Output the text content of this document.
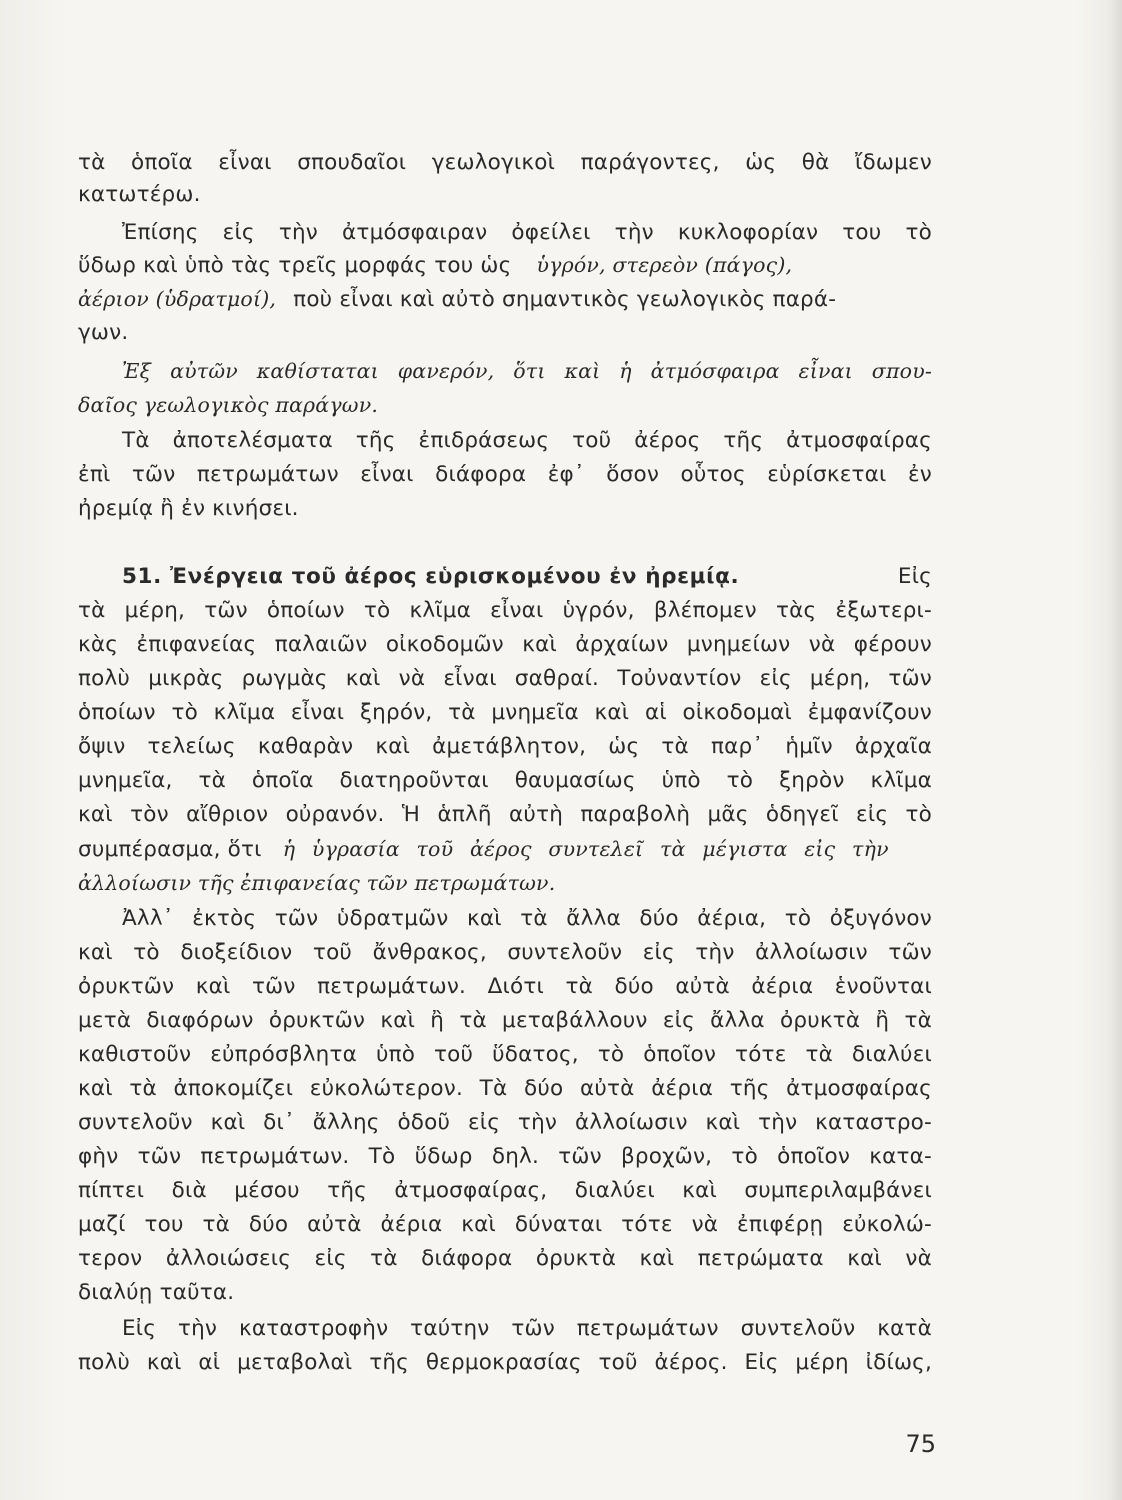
τὰ ὁποῖα εἶναι σπουδαῖοι γεωλογικοὶ παράγοντες, ὡς θὰ ἴδωμεν
κατωτέρω.
Ἐπίσης εἰς τὴν ἀτμόσφαιραν ὀφείλει τὴν κυκλοφορίαν του τὸ
ὕδωρ καὶ ὑπὸ τὰς τρεῖς μορφάς του ὡς ὑγρόν, στερεὸν (πάγος),
ἀέριον (ὑδρατμοί), ποὺ εἶναι καὶ αὐτὸ σημαντικὸς γεωλογικὸς παρά-
γων.
Ἐξ αὐτῶν καθίσταται φανερόν, ὅτι καὶ ἡ ἀτμόσφαιρα εἶναι σπου-
δαῖος γεωλογικὸς παράγων.
Τὰ ἀποτελέσματα τῆς ἐπιδράσεως τοῦ ἀέρος τῆς ἀτμοσφαίρας
ἐπὶ τῶν πετρωμάτων εἶναι διάφορα ἐφ᾽ ὅσον οὗτος εὑρίσκεται ἐν
ἠρεμίᾳ ἢ ἐν κινήσει.
51. Ἐνέργεια τοῦ ἀέρος εὑρισκομένου ἐν ἠρεμίᾳ.	Εἰς
τὰ μέρη, τῶν ὁποίων τὸ κλῖμα εἶναι ὑγρόν, βλέπομεν τὰς ἐξωτερι-
κὰς ἐπιφανείας παλαιῶν οἰκοδομῶν καὶ ἀρχαίων μνημείων νὰ φέρουν
πολὺ μικρὰς ρωγμὰς καὶ νὰ εἶναι σαθραί. Τοὐναντίον εἰς μέρη, τῶν
ὁποίων τὸ κλῖμα εἶναι ξηρόν, τὰ μνημεῖα καὶ αἱ οἰκοδομαὶ ἐμφανίζουν
ὄψιν τελείως καθαρὰν καὶ ἀμετάβλητον, ὡς τὰ παρ᾽ ἡμῖν ἀρχαῖα
μνημεῖα, τὰ ὁποῖα διατηροῦνται θαυμασίως ὑπὸ τὸ ξηρὸν κλῖμα
καὶ τὸν αἴθριον οὐρανόν. Ἡ ἁπλῆ αὐτὴ παραβολὴ μᾶς ὁδηγεῖ εἰς τὸ
συμπέρασμα, ὅτι ἡ ὑγρασία τοῦ ἀέρος συντελεῖ τὰ μέγιστα εἰς τὴν
ἀλλοίωσιν τῆς ἐπιφανείας τῶν πετρωμάτων.
Ἀλλ᾽ ἐκτὸς τῶν ὑδρατμῶν καὶ τὰ ἄλλα δύο ἀέρια, τὸ ὀξυγόνον
καὶ τὸ διοξείδιον τοῦ ἄνθρακος, συντελοῦν εἰς τὴν ἀλλοίωσιν τῶν
ὀρυκτῶν καὶ τῶν πετρωμάτων. Διότι τὰ δύο αὐτὰ ἀέρια ἑνοῦνται
μετὰ διαφόρων ὀρυκτῶν καὶ ἢ τὰ μεταβάλλουν εἰς ἄλλα ὀρυκτὰ ἢ τὰ
καθιστοῦν εὐπρόσβλητα ὑπὸ τοῦ ὕδατος, τὸ ὁποῖον τότε τὰ διαλύει
καὶ τὰ ἀποκομίζει εὐκολώτερον. Τὰ δύο αὐτὰ ἀέρια τῆς ἀτμοσφαίρας
συντελοῦν καὶ δι᾽ ἄλλης ὁδοῦ εἰς τὴν ἀλλοίωσιν καὶ τὴν καταστρο-
φὴν τῶν πετρωμάτων. Τὸ ὕδωρ δηλ. τῶν βροχῶν, τὸ ὁποῖον κατα-
πίπτει διὰ μέσου τῆς ἀτμοσφαίρας, διαλύει καὶ συμπεριλαμβάνει
μαζί του τὰ δύο αὐτὰ ἀέρια καὶ δύναται τότε νὰ ἐπιφέρῃ εὐκολώ-
τερον ἀλλοιώσεις εἰς τὰ διάφορα ὀρυκτὰ καὶ πετρώματα καὶ νὰ
διαλύῃ ταῦτα.
Εἰς τὴν καταστροφὴν ταύτην τῶν πετρωμάτων συντελοῦν κατὰ
πολὺ καὶ αἱ μεταβολαὶ τῆς θερμοκρασίας τοῦ ἀέρος. Εἰς μέρη ἰδίως,
75
